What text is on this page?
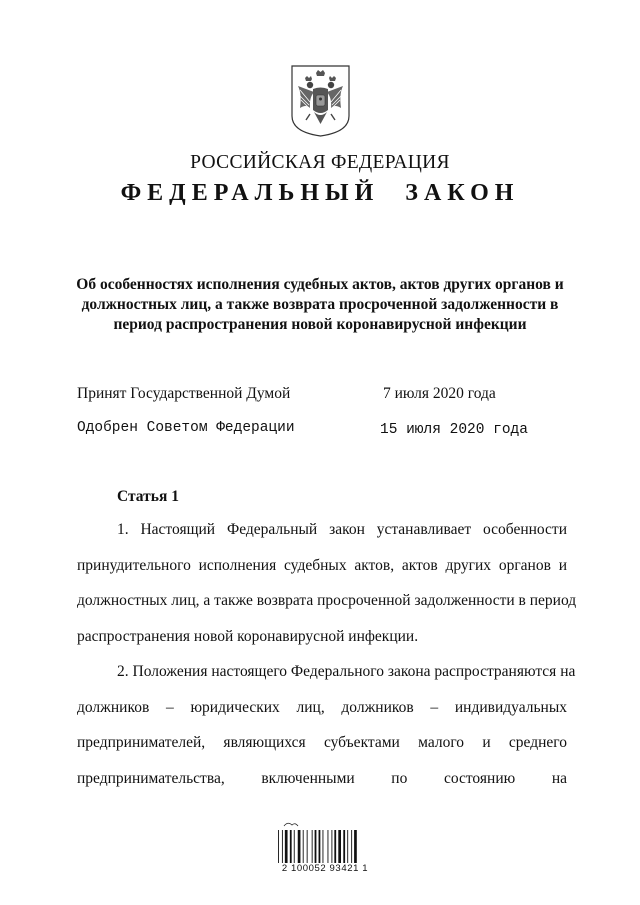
РОССИЙСКАЯ ФЕДЕРАЦИЯ
ФЕДЕРАЛЬНЫЙ ЗАКОН
Об особенностях исполнения судебных актов, актов других органов и
должностных лиц, а также возврата просроченной задолженности в
период распространения новой коронавирусной инфекции
Принят Государственной Думой	7 июля 2020 года
Одобрен Советом Федерации	15 июля 2020 года
Статья 1
1. Настоящий Федеральный закон устанавливает особенности
принудительного исполнения судебных актов, актов других органов и
должностных лиц, а также возврата просроченной задолженности в период
распространения новой коронавирусной инфекции.
2. Положения настоящего Федерального закона распространяются на
должников – юридических лиц, должников – индивидуальных
предпринимателей, являющихся субъектами малого и среднего
предпринимательства, включенными по состоянию на
2 100052 93421 1
